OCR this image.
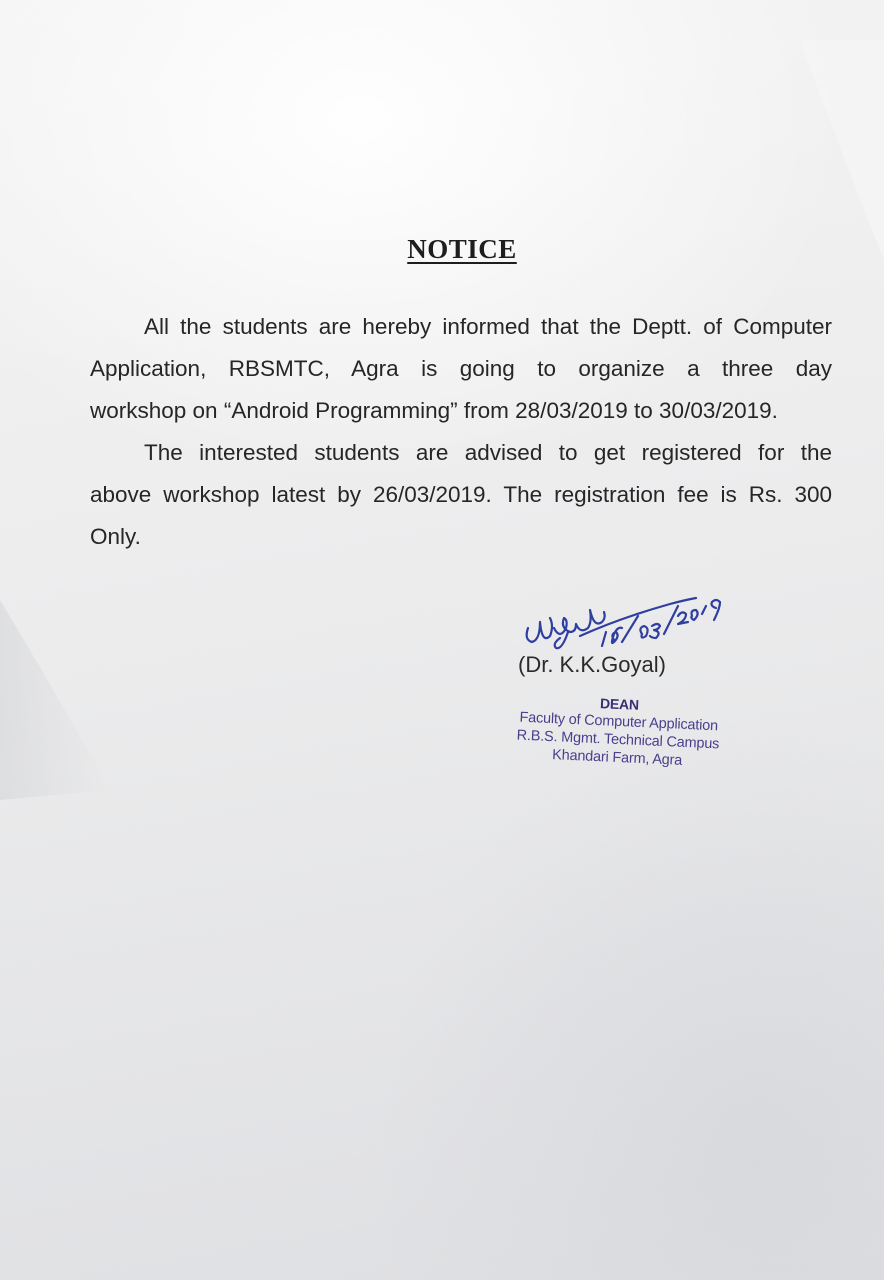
NOTICE
All the students are hereby informed that the Deptt. of Computer
Application, RBSMTC, Agra is going to organize a three day
workshop on “Android Programming” from 28/03/2019 to 30/03/2019.
The interested students are advised to get registered for the
above workshop latest by 26/03/2019. The registration fee is Rs. 300
Only.
(Dr. K.K.Goyal)
DEAN
Faculty of Computer Application
R.B.S. Mgmt. Technical Campus
Khandari Farm, Agra
